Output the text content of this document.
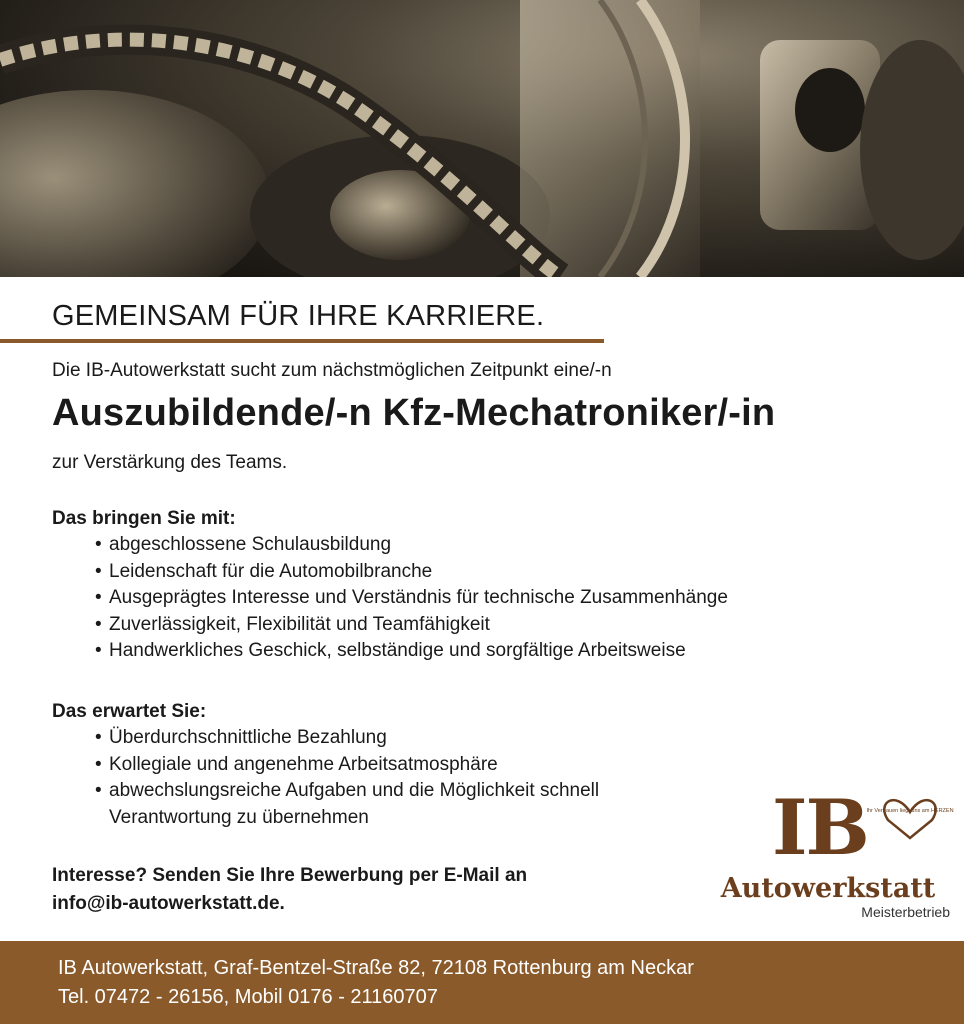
GEMEINSAM FÜR IHRE KARRIERE.
Die IB-Autowerkstatt sucht zum nächstmöglichen Zeitpunkt eine/-n
Auszubildende/-n Kfz-Mechatroniker/-in
zur Verstärkung des Teams.
Das bringen Sie mit:
• abgeschlossene Schulausbildung
• Leidenschaft für die Automobilbranche
• Ausgeprägtes Interesse und Verständnis für technische Zusammenhänge
• Zuverlässigkeit, Flexibilität und Teamfähigkeit
• Handwerkliches Geschick, selbständige und sorgfältige Arbeitsweise
Das erwartet Sie:
• Überdurchschnittliche Bezahlung
• Kollegiale und angenehme Arbeitsatmosphäre
• abwechslungsreiche Aufgaben und die Möglichkeit schnell Verantwortung zu übernehmen
Interesse? Senden Sie Ihre Bewerbung per E-Mail an
info@ib-autowerkstatt.de.
IB
Ihr Vertrauen liegt uns am HERZEN
Autowerkstatt
Meisterbetrieb
IB Autowerkstatt, Graf-Bentzel-Straße 82, 72108 Rottenburg am Neckar
Tel. 07472 - 26156, Mobil 0176 - 21160707
